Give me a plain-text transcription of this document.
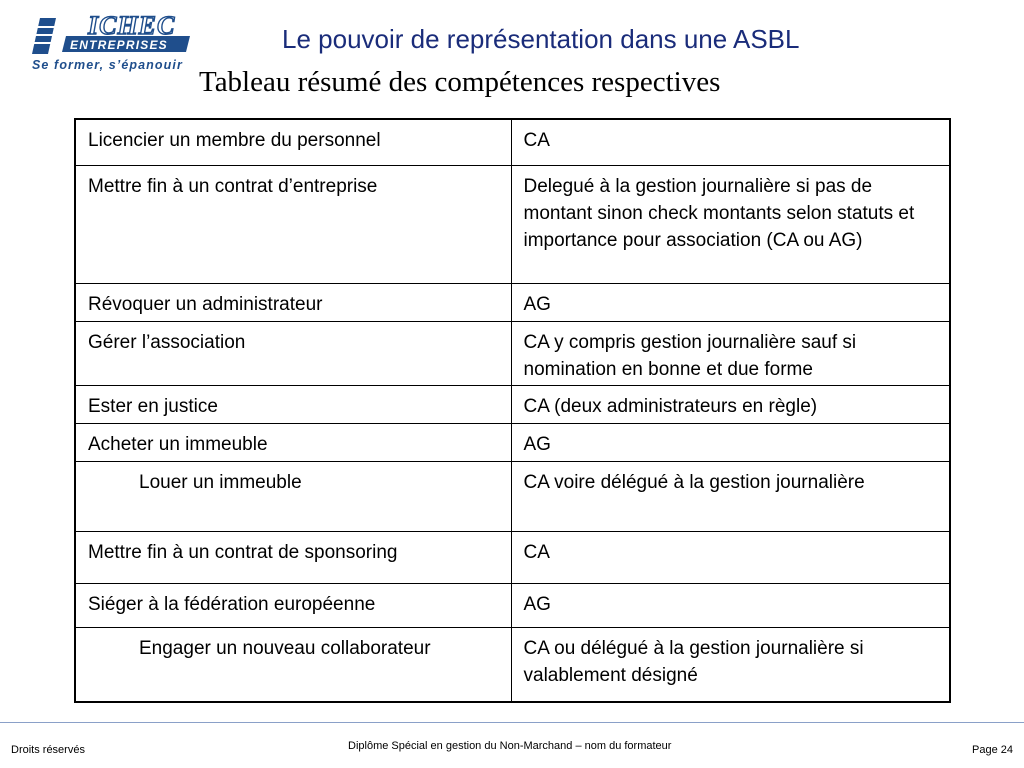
ICHEC
ENTREPRISES
Se former, s’épanouir
Le pouvoir de représentation dans une ASBL
Tableau résumé des compétences respectives
Licencier un membre du personnel	CA
Mettre fin à un contrat d’entreprise	Delegué à la gestion journalière si pas de montant sinon check montants selon statuts et importance pour association (CA ou AG)
Révoquer un administrateur	AG
Gérer l’association	CA y compris gestion journalière sauf si nomination en bonne et due forme
Ester en justice	CA (deux administrateurs en règle)
Acheter un immeuble	AG
Louer un immeuble	CA voire délégué à la gestion journalière
Mettre fin à un contrat de sponsoring	CA
Siéger à la fédération européenne	AG
Engager un nouveau collaborateur	CA ou délégué à la gestion journalière si valablement désigné
Droits réservés	Diplôme Spécial en gestion du Non-Marchand – nom du formateur	Page 24
